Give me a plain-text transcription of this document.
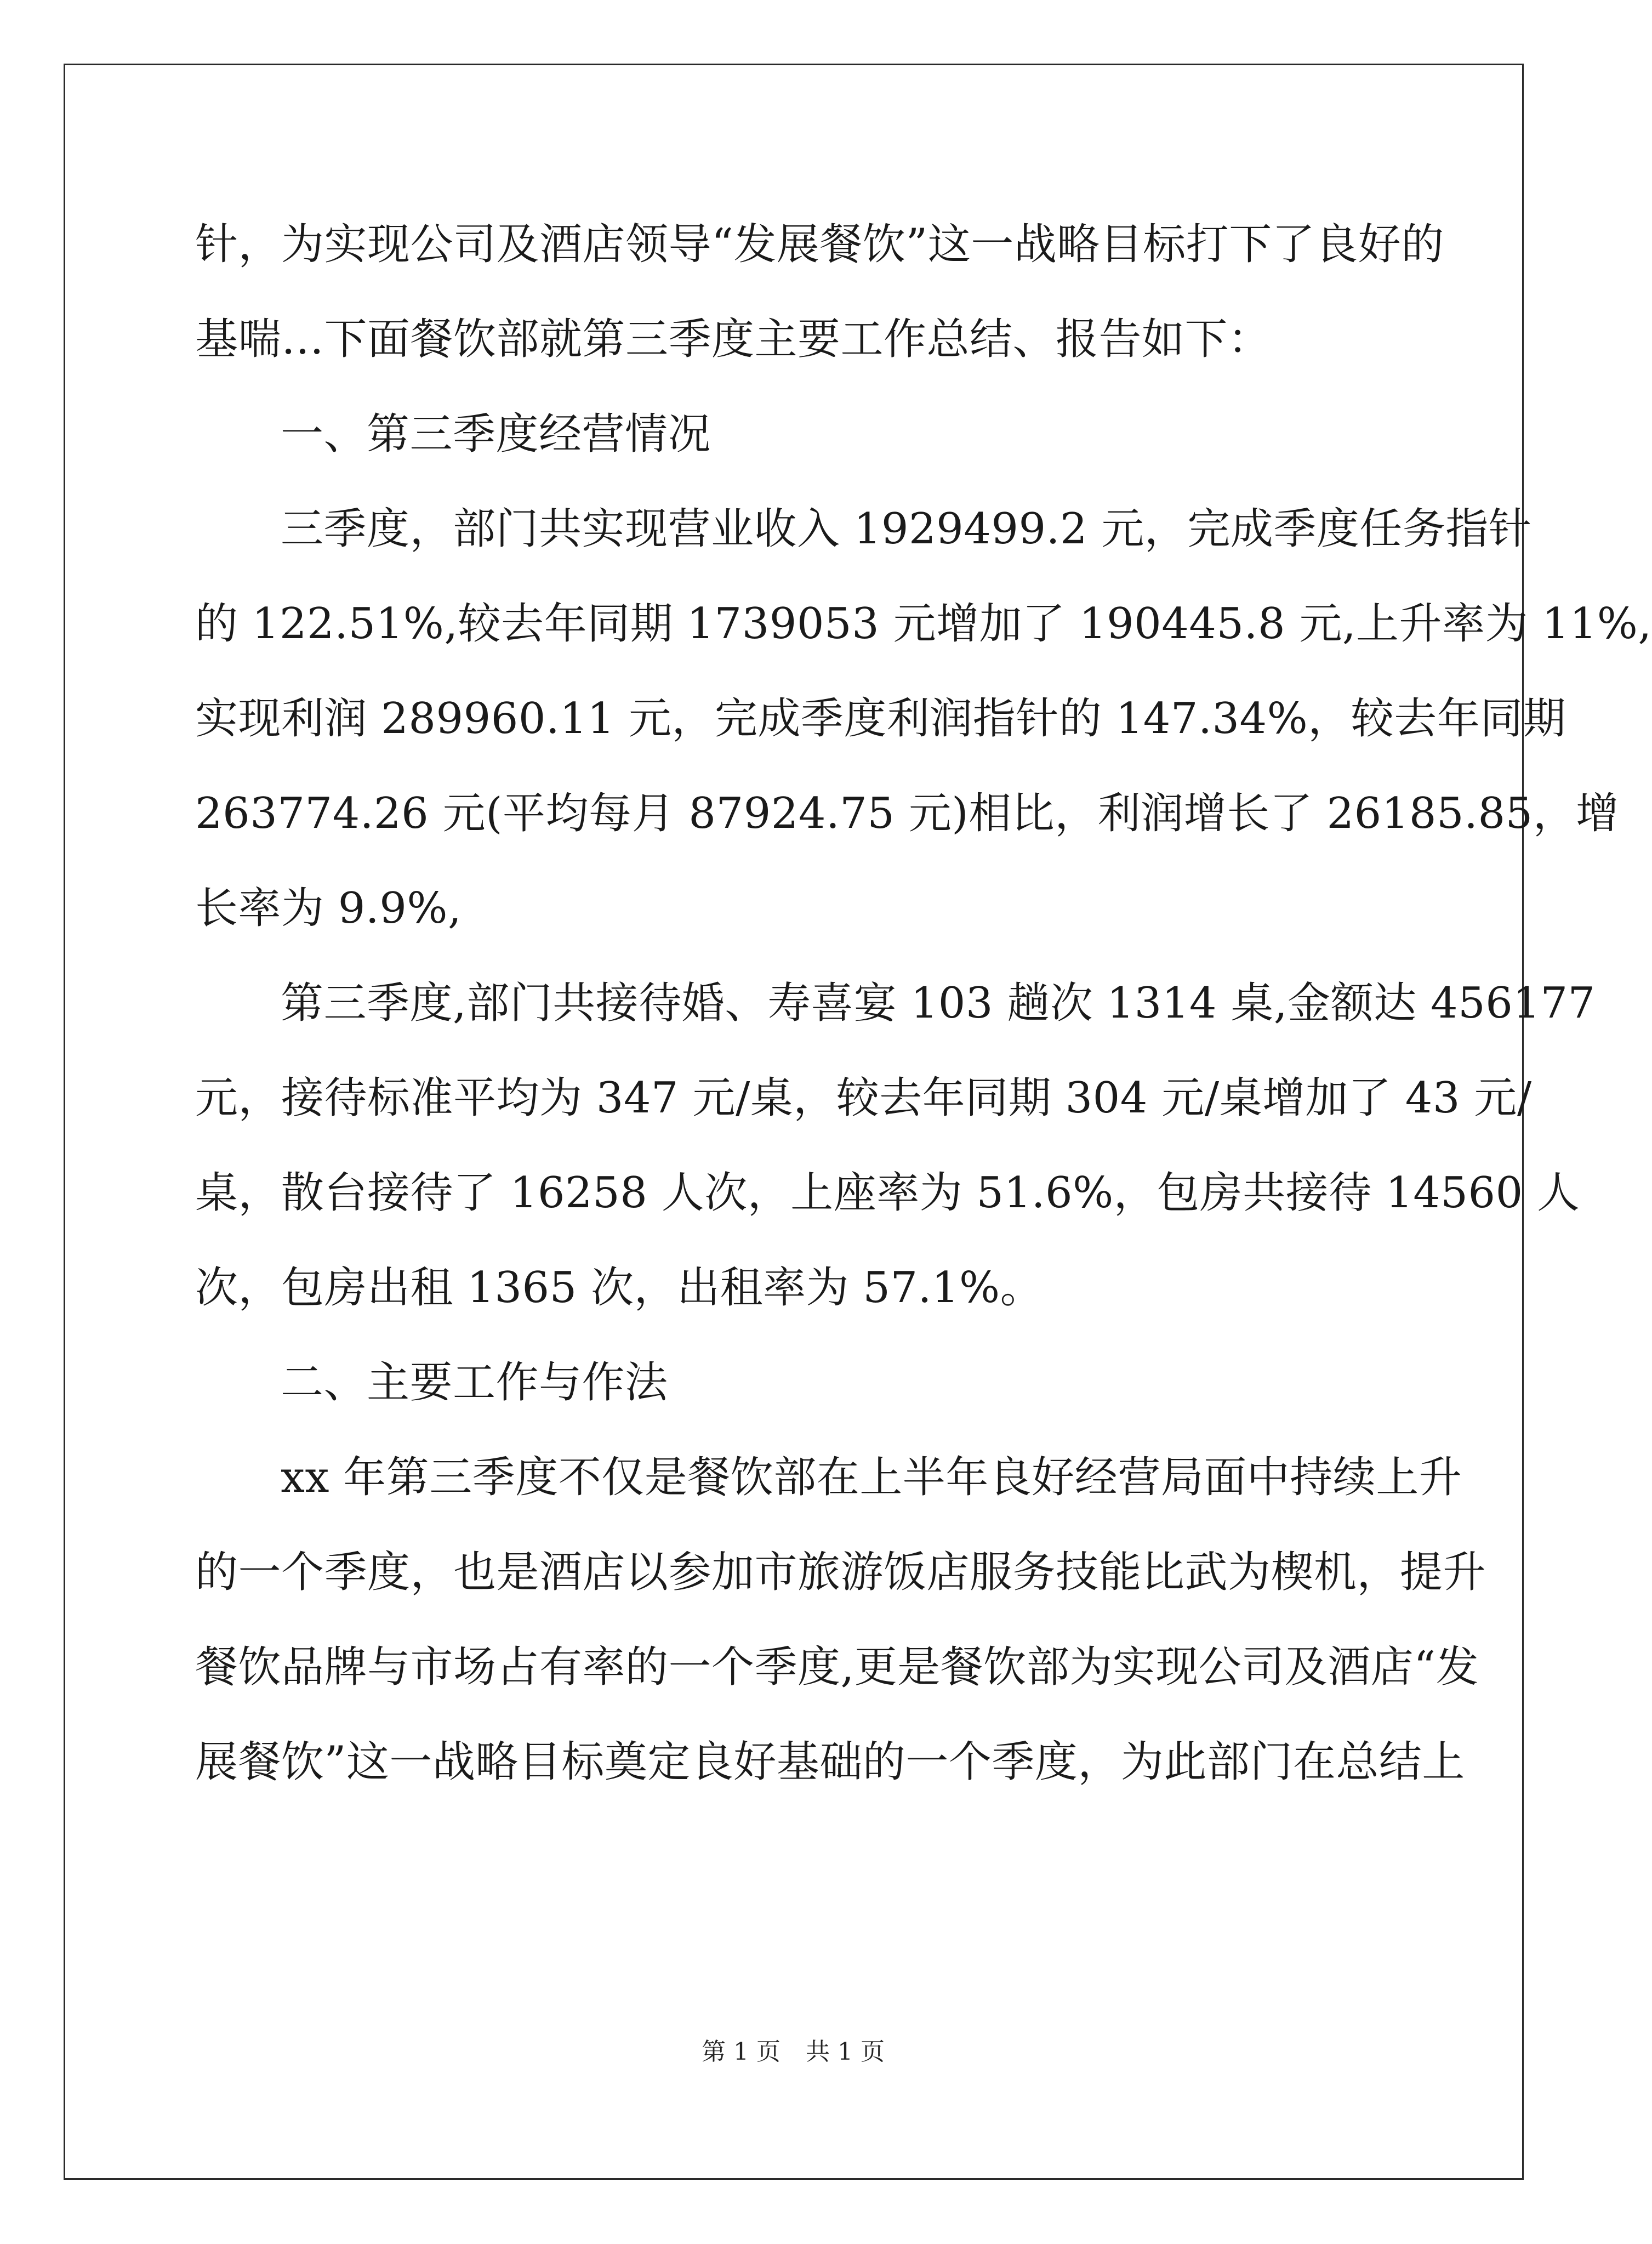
针，为实现公司及酒店领导“发展餐饮”这一战略目标打下了良好的
基喘…下面餐饮部就第三季度主要工作总结、报告如下：
一、第三季度经营情况
三季度，部门共实现营业收入 1929499.2 元，完成季度任务指针
的 122.51%,较去年同期 1739053 元增加了 190445.8 元,上升率为 11%,
实现利润 289960.11 元，完成季度利润指针的 147.34%，较去年同期
263774.26 元(平均每月 87924.75 元)相比，利润增长了 26185.85，增
长率为 9.9%,
第三季度,部门共接待婚、寿喜宴 103 趟次 1314 桌,金额达 456177
元，接待标准平均为 347 元/桌，较去年同期 304 元/桌增加了 43 元/
桌，散台接待了 16258 人次，上座率为 51.6%，包房共接待 14560 人
次，包房出租 1365 次，出租率为 57.1%。
二、主要工作与作法
xx 年第三季度不仅是餐饮部在上半年良好经营局面中持续上升
的一个季度，也是酒店以参加市旅游饭店服务技能比武为楔机，提升
餐饮品牌与市场占有率的一个季度,更是餐饮部为实现公司及酒店“发
展餐饮”这一战略目标奠定良好基础的一个季度，为此部门在总结上
第 1 页 共 1 页
